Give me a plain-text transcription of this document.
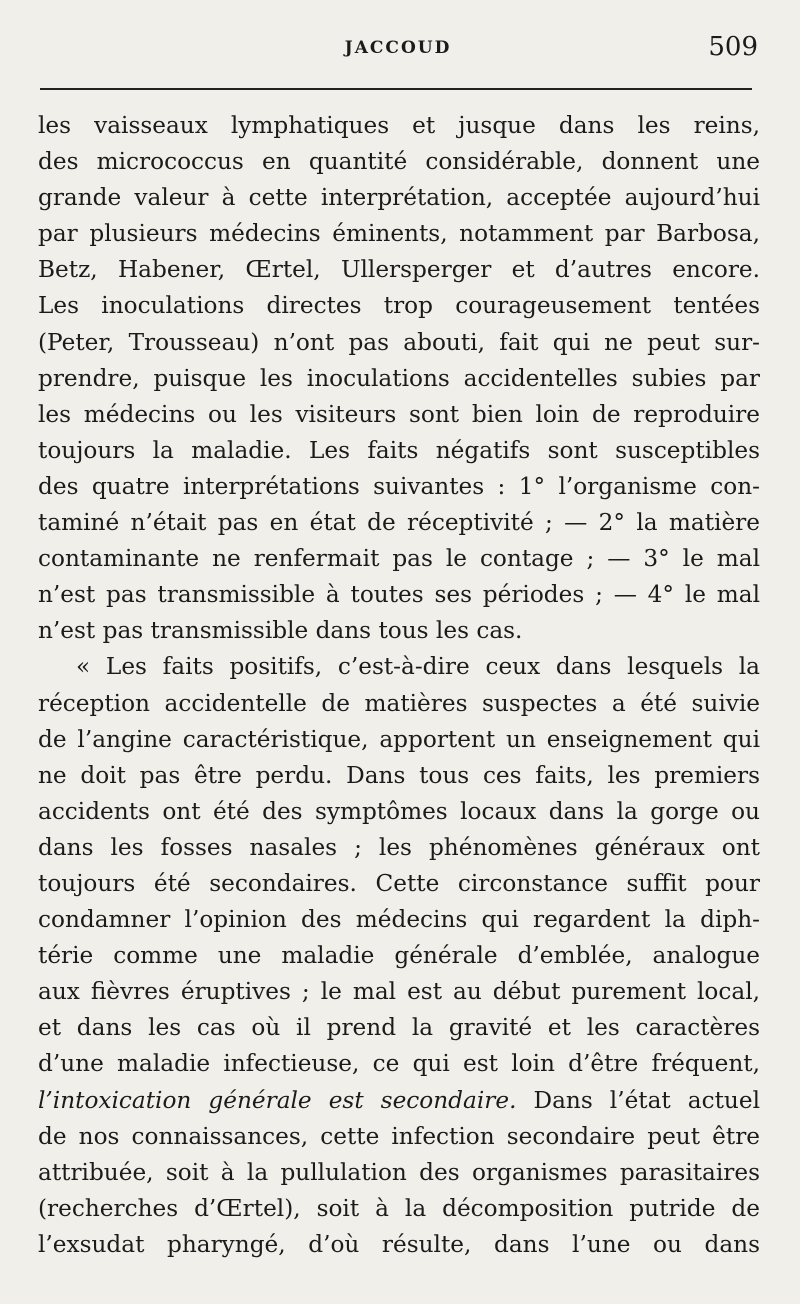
JACCOUD	509
les vaisseaux lymphatiques et jusque dans les reins,
des micrococcus en quantité considérable, donnent une
grande valeur à cette interprétation, acceptée aujourd’hui
par plusieurs médecins éminents, notamment par Barbosa,
Betz, Habener, Œrtel, Ullersperger et d’autres encore.
Les inoculations directes trop courageusement tentées
(Peter, Trousseau) n’ont pas abouti, fait qui ne peut sur-
prendre, puisque les inoculations accidentelles subies par
les médecins ou les visiteurs sont bien loin de reproduire
toujours la maladie. Les faits négatifs sont susceptibles
des quatre interprétations suivantes : 1° l’organisme con-
taminé n’était pas en état de réceptivité ; — 2° la matière
contaminante ne renfermait pas le contage ; — 3° le mal
n’est pas transmissible à toutes ses périodes ; — 4° le mal
n’est pas transmissible dans tous les cas.
« Les faits positifs, c’est-à-dire ceux dans lesquels la
réception accidentelle de matières suspectes a été suivie
de l’angine caractéristique, apportent un enseignement qui
ne doit pas être perdu. Dans tous ces faits, les premiers
accidents ont été des symptômes locaux dans la gorge ou
dans les fosses nasales ; les phénomènes généraux ont
toujours été secondaires. Cette circonstance suffit pour
condamner l’opinion des médecins qui regardent la diph-
térie comme une maladie générale d’emblée, analogue
aux fièvres éruptives ; le mal est au début purement local,
et dans les cas où il prend la gravité et les caractères
d’une maladie infectieuse, ce qui est loin d’être fréquent,
l’intoxication générale est secondaire. Dans l’état actuel
de nos connaissances, cette infection secondaire peut être
attribuée, soit à la pullulation des organismes parasitaires
(recherches d’Œrtel), soit à la décomposition putride de
l’exsudat pharyngé, d’où résulte, dans l’une ou dans
